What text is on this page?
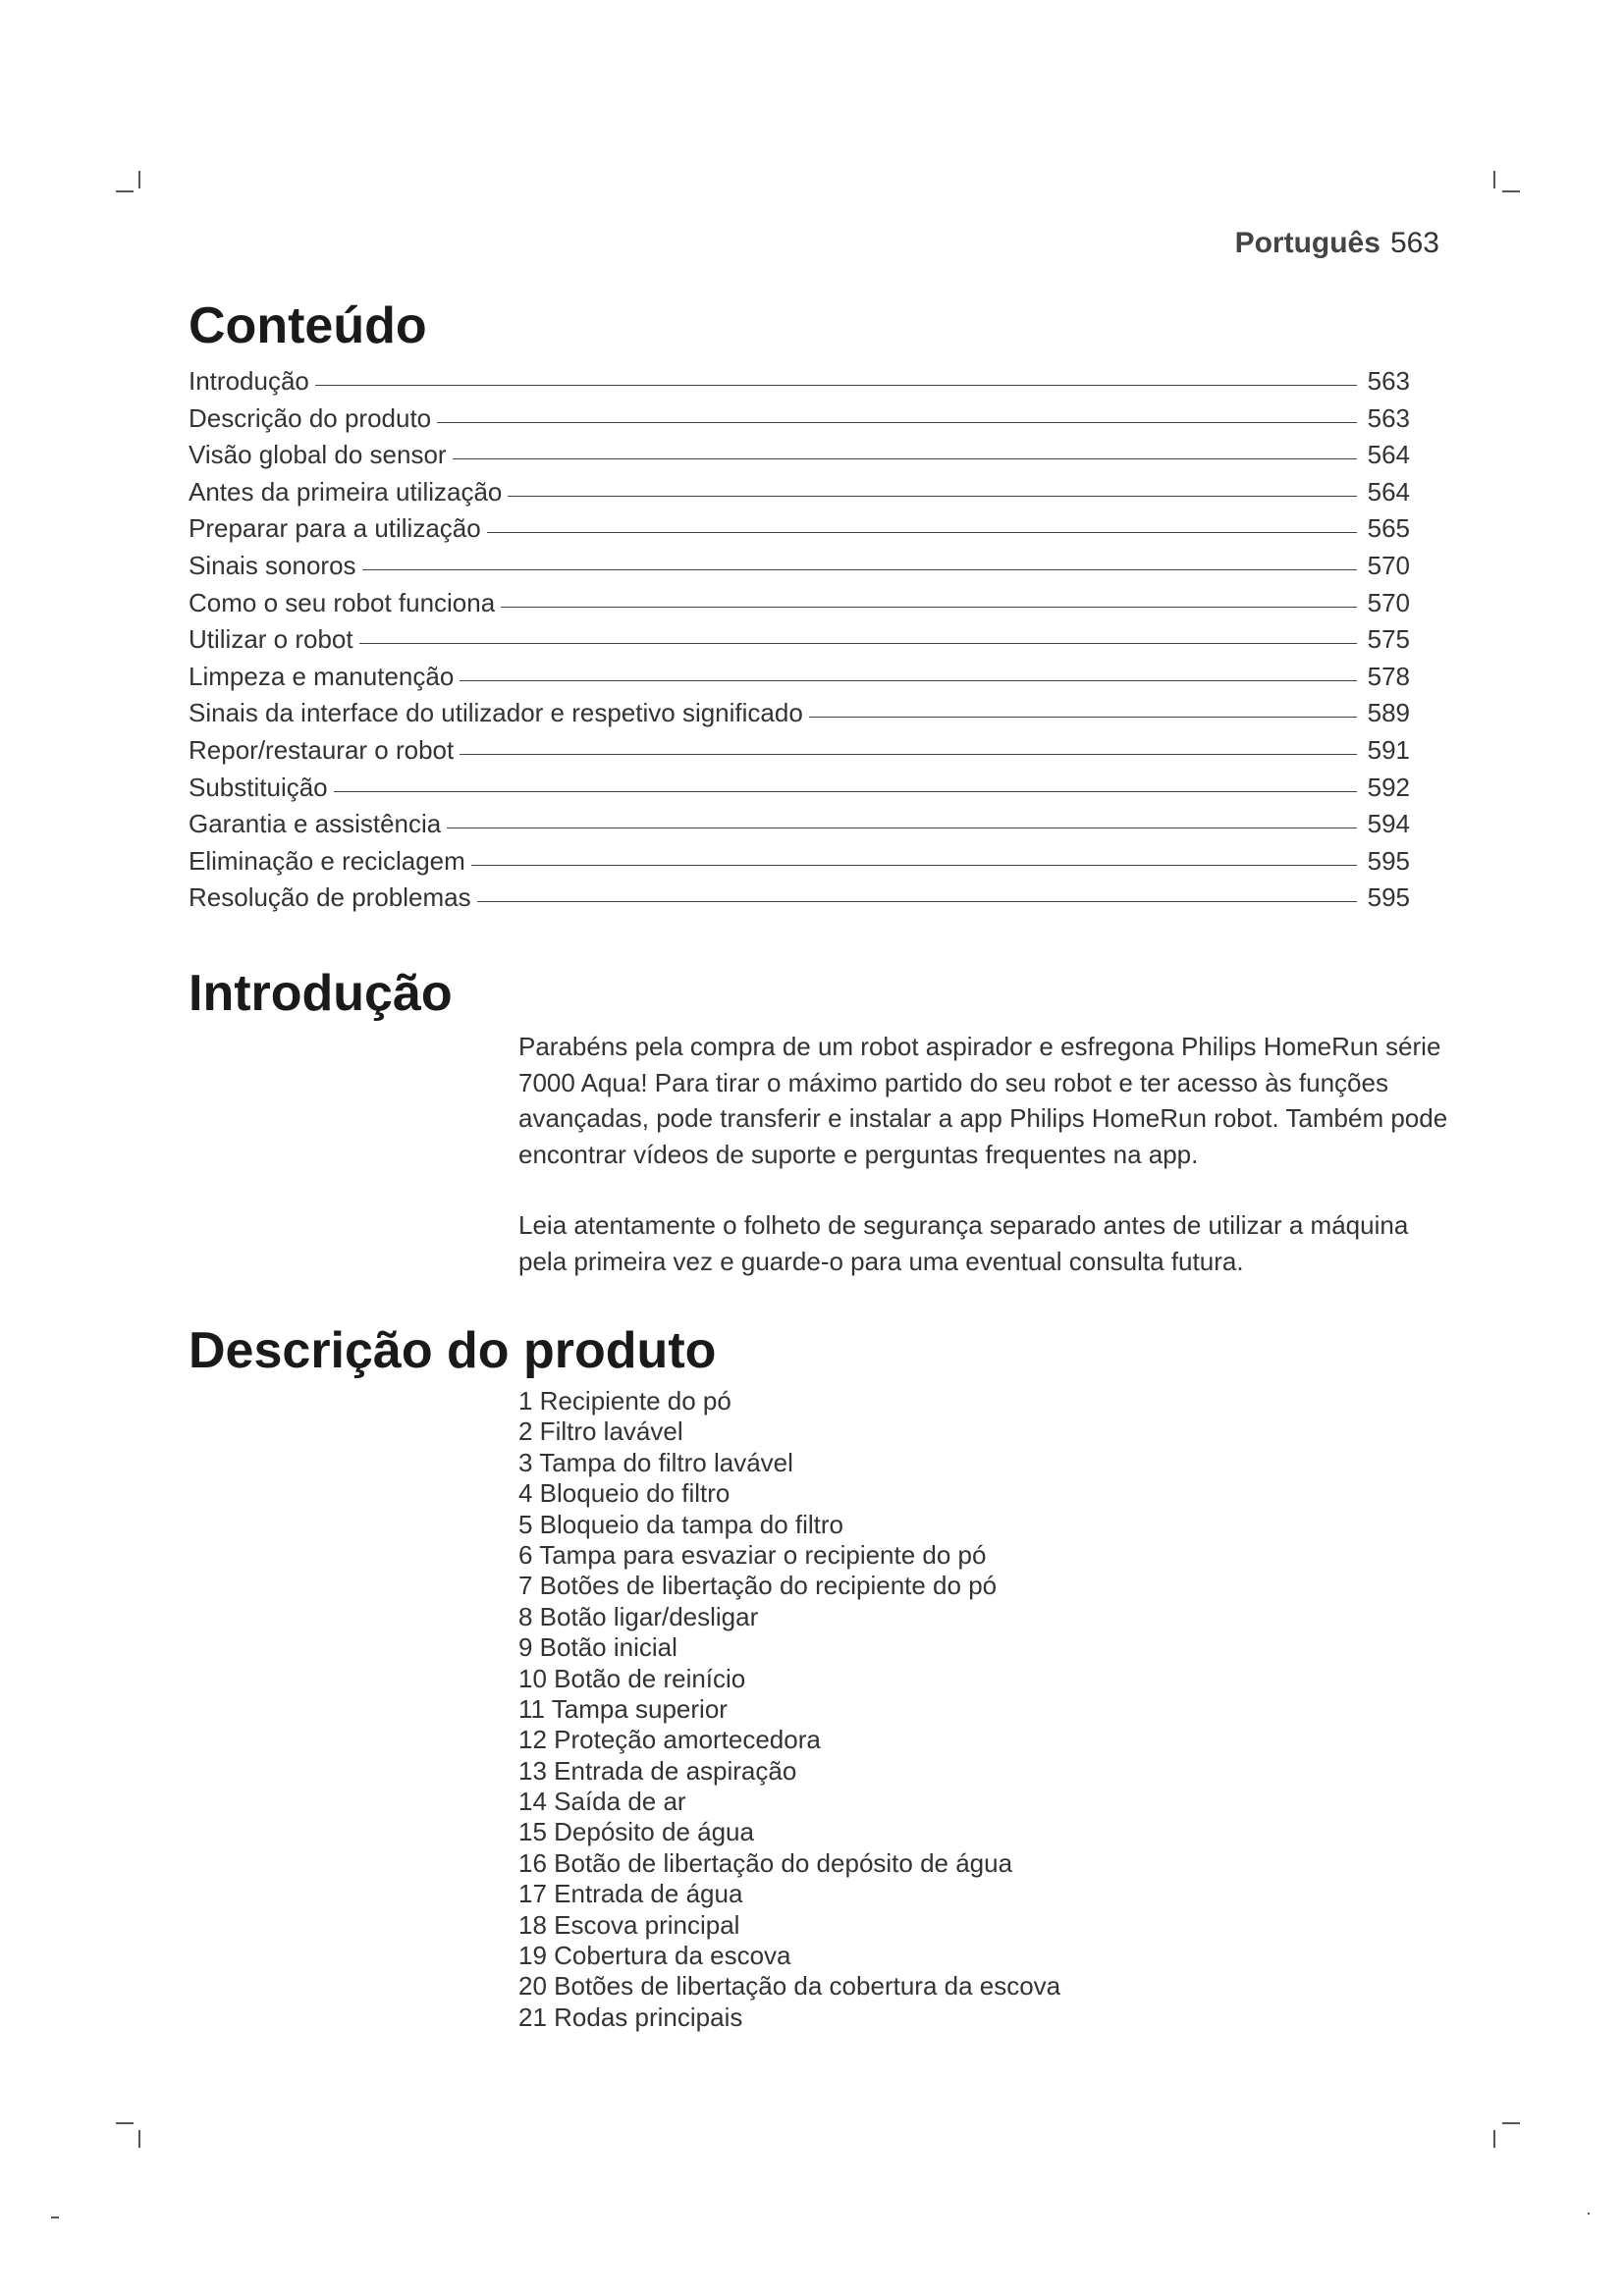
Português 563
Conteúdo
Introdução	563
Descrição do produto	563
Visão global do sensor	564
Antes da primeira utilização	564
Preparar para a utilização	565
Sinais sonoros	570
Como o seu robot funciona	570
Utilizar o robot	575
Limpeza e manutenção	578
Sinais da interface do utilizador e respetivo significado	589
Repor/restaurar o robot	591
Substituição	592
Garantia e assistência	594
Eliminação e reciclagem	595
Resolução de problemas	595
Introdução

Parabéns pela compra de um robot aspirador e esfregona Philips HomeRun série 7000 Aqua! Para tirar o máximo partido do seu robot e ter acesso às funções avançadas, pode transferir e instalar a app Philips HomeRun robot. Também pode encontrar vídeos de suporte e perguntas frequentes na app.

Leia atentamente o folheto de segurança separado antes de utilizar a máquina pela primeira vez e guarde-o para uma eventual consulta futura.

Descrição do produto
1 Recipiente do pó
2 Filtro lavável
3 Tampa do filtro lavável
4 Bloqueio do filtro
5 Bloqueio da tampa do filtro
6 Tampa para esvaziar o recipiente do pó
7 Botões de libertação do recipiente do pó
8 Botão ligar/desligar
9 Botão inicial
10 Botão de reinício
11 Tampa superior
12 Proteção amortecedora
13 Entrada de aspiração
14 Saída de ar
15 Depósito de água
16 Botão de libertação do depósito de água
17 Entrada de água
18 Escova principal
19 Cobertura da escova
20 Botões de libertação da cobertura da escova
21 Rodas principais
